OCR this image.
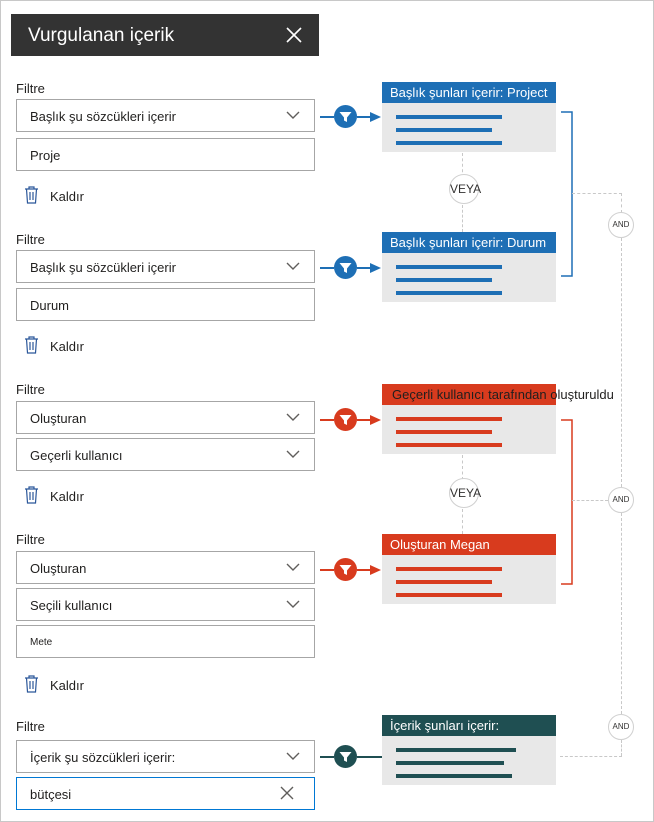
Vurgulanan içerik
Filtre
Başlık şu sözcükleri içerir
Proje
Kaldır
Filtre
Başlık şu sözcükleri içerir
Durum
Kaldır
Filtre
Oluşturan
Geçerli kullanıcı
Kaldır
Filtre
Oluşturan
Seçili kullanıcı
Mete
Kaldır
Filtre
İçerik şu sözcükleri içerir:
bütçesi
Başlık şunları içerir: Project
Başlık şunları içerir: Durum
Geçerli kullanıcı tarafından oluşturuldu
Oluşturan Megan
İçerik şunları içerir:
VEYA
VEYA
AND
AND
AND
